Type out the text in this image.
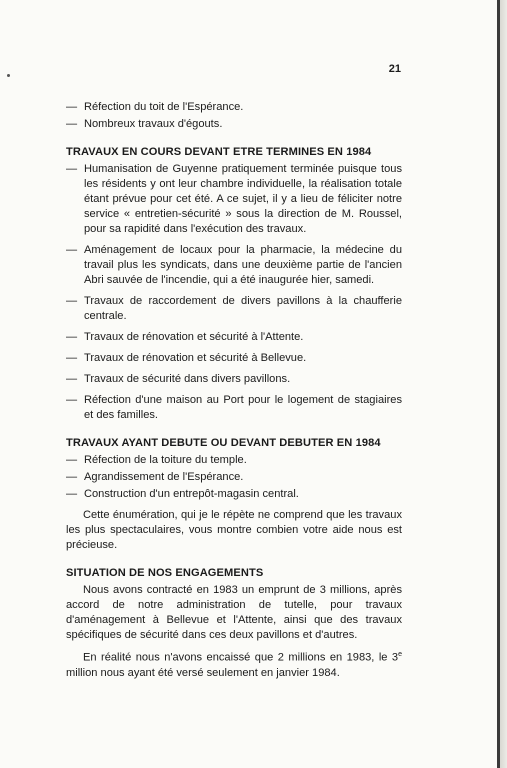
21
— Réfection du toit de l'Espérance.
— Nombreux travaux d'égouts.
TRAVAUX EN COURS DEVANT ETRE TERMINES EN 1984
— Humanisation de Guyenne pratiquement terminée puisque tous les résidents y ont leur chambre individuelle, la réalisation totale étant prévue pour cet été. A ce sujet, il y a lieu de féliciter notre service « entretien-sécurité » sous la direction de M. Roussel, pour sa rapidité dans l'exécution des travaux.
— Aménagement de locaux pour la pharmacie, la médecine du travail plus les syndicats, dans une deuxième partie de l'ancien Abri sauvée de l'incendie, qui a été inaugurée hier, samedi.
— Travaux de raccordement de divers pavillons à la chaufferie centrale.
— Travaux de rénovation et sécurité à l'Attente.
— Travaux de rénovation et sécurité à Bellevue.
— Travaux de sécurité dans divers pavillons.
— Réfection d'une maison au Port pour le logement de stagiaires et des familles.
TRAVAUX AYANT DEBUTE OU DEVANT DEBUTER EN 1984
— Réfection de la toiture du temple.
— Agrandissement de l'Espérance.
— Construction d'un entrepôt-magasin central.

Cette énumération, qui je le répète ne comprend que les travaux les plus spectaculaires, vous montre combien votre aide nous est précieuse.

SITUATION DE NOS ENGAGEMENTS

Nous avons contracté en 1983 un emprunt de 3 millions, après accord de notre administration de tutelle, pour travaux d'aménagement à Bellevue et l'Attente, ainsi que des travaux spécifiques de sécurité dans ces deux pavillons et d'autres.

En réalité nous n'avons encaissé que 2 millions en 1983, le 3e million nous ayant été versé seulement en janvier 1984.
